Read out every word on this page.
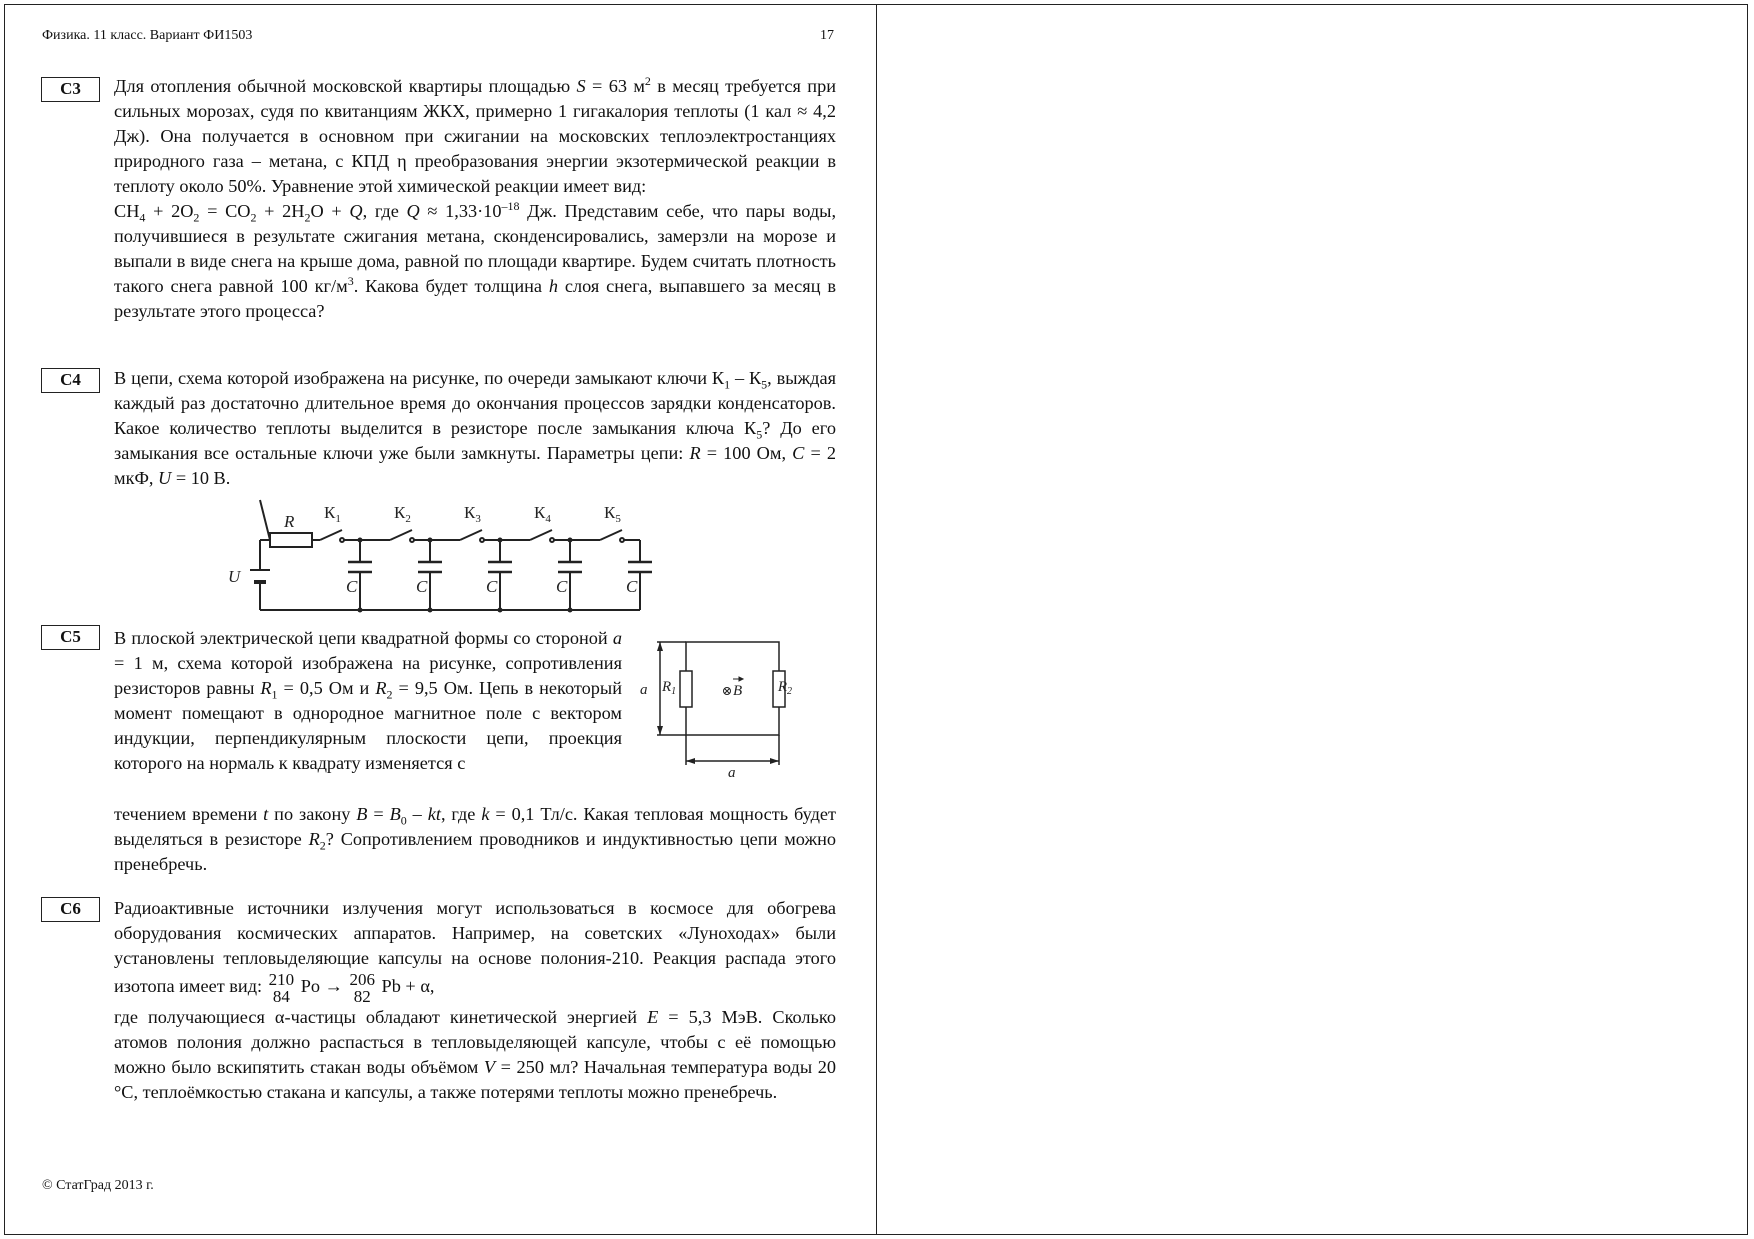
Физика. 11 класс. Вариант ФИ1503	17
С3	Для отопления обычной московской квартиры площадью S = 63 $м^2$ в месяц требуется при сильных морозах, судя по квитанциям ЖКХ, примерно 1 гигакалория теплоты (1 кал ≈ 4,2 Дж). Она получается в основном при сжигании на московских теплоэлектростанциях природного газа – метана, с КПД η преобразования энергии экзотермической реакции в теплоту около 50%. Уравнение этой химической реакции имеет вид:

$CH_4 + 2O_2 = CO_2 + 2H_2O + Q$, где $Q \approx 1,33\cdot 10^{-18}$ Дж. Представим себе, что пары воды, получившиеся в результате сжигания метана, сконденсировались, замерзли на морозе и выпали в виде снега на крыше дома, равной по площади квартире. Будем считать плотность такого снега равной 100 $кг/м^3$. Какова будет толщина h слоя снега, выпавшего за месяц в результате этого процесса?

С4	В цепи, схема которой изображена на рисунке, по очереди замыкают ключи $К_1 - К_5$, выждая каждый раз достаточно длительное время до окончания процессов зарядки конденсаторов. Какое количество теплоты выделится в резисторе после замыкания ключа $К_5$? До его замыкания все остальные ключи уже были замкнуты. Параметры цепи: R = 100 Ом, C = 2 мкФ, U = 10 В.

R
U
C	C	C	C	C
$К_1$	$К_2$	$К_3$	$К_4$	$К_5$
С5	В плоской электрической цепи квадратной формы со стороной a = 1 м, схема которой изображена на рисунке, сопротивления резисторов равны $R_1 = 0,5$ Ом и $R_2 = 9,5$ Ом. Цепь в некоторый момент помещают в однородное магнитное поле с вектором индукции, перпендикулярным плоскости цепи, проекция которого на нормаль к квадрату изменяется с

течением времени t по закону $B = B_0$ – kt, где k = 0,1 Тл/с. Какая тепловая мощность будет выделяться в резисторе $R_2$? Сопротивлением проводников и индуктивностью цепи можно пренебречь.

a
a
B
$R_1$	$R_2$
С6	Радиоактивные источники излучения могут использоваться в космосе для обогрева оборудования космических аппаратов. Например, на советских «Луноходах» были установлены тепловыделяющие капсулы на основе полония-210. Реакция распада этого изотопа имеет вид: 210
84
Po → 206
82
Pb + α,

где получающиеся α-частицы обладают кинетической энергией E = 5,3 МэВ. Сколько атомов полония должно распасться в тепловыделяющей капсуле, чтобы с её помощью можно было вскипятить стакан воды объёмом V = 250 мл? Начальная температура воды 20 °С, теплоёмкостью стакана и капсулы, а также потерями теплоты можно пренебречь.

© СтатГрад 2013 г.
